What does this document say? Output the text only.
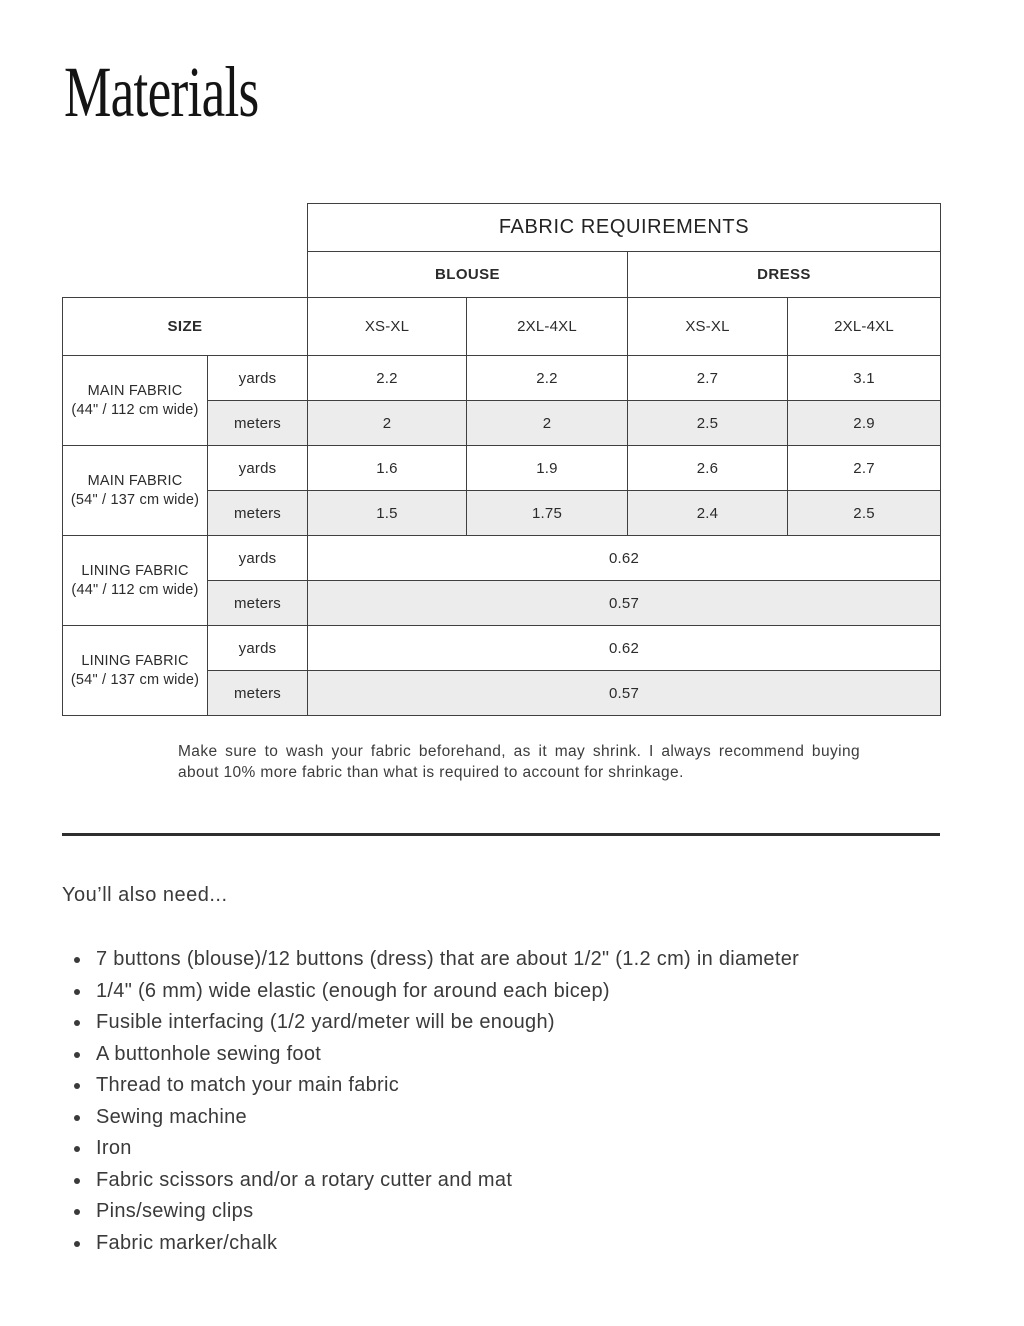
Materials
		FABRIC REQUIREMENTS			
		BLOUSE		DRESS	
SIZE		XS-XL	2XL-4XL	XS-XL	2XL-4XL

MAIN FABRIC
(44" / 112 cm wide)	yards	2.2	2.2	2.7	3.1
	meters	2	2	2.5	2.9

MAIN FABRIC
(54" / 137 cm wide)	yards	1.6	1.9	2.6	2.7
	meters	1.5	1.75	2.4	2.5

LINING FABRIC
(44" / 112 cm wide)	yards	0.62			
	meters	0.57			

LINING FABRIC
(54" / 137 cm wide)	yards	0.62			
	meters	0.57			

Make sure to wash your fabric beforehand, as it may shrink. I always recommend buying about 10% more fabric than what is required to account for shrinkage.

You’ll also need...
7 buttons (blouse)/12 buttons (dress) that are about 1/2" (1.2 cm) in diameter
1/4" (6 mm) wide elastic (enough for around each bicep)
Fusible interfacing (1/2 yard/meter will be enough)
A buttonhole sewing foot
Thread to match your main fabric
Sewing machine
Iron
Fabric scissors and/or a rotary cutter and mat
Pins/sewing clips
Fabric marker/chalk
